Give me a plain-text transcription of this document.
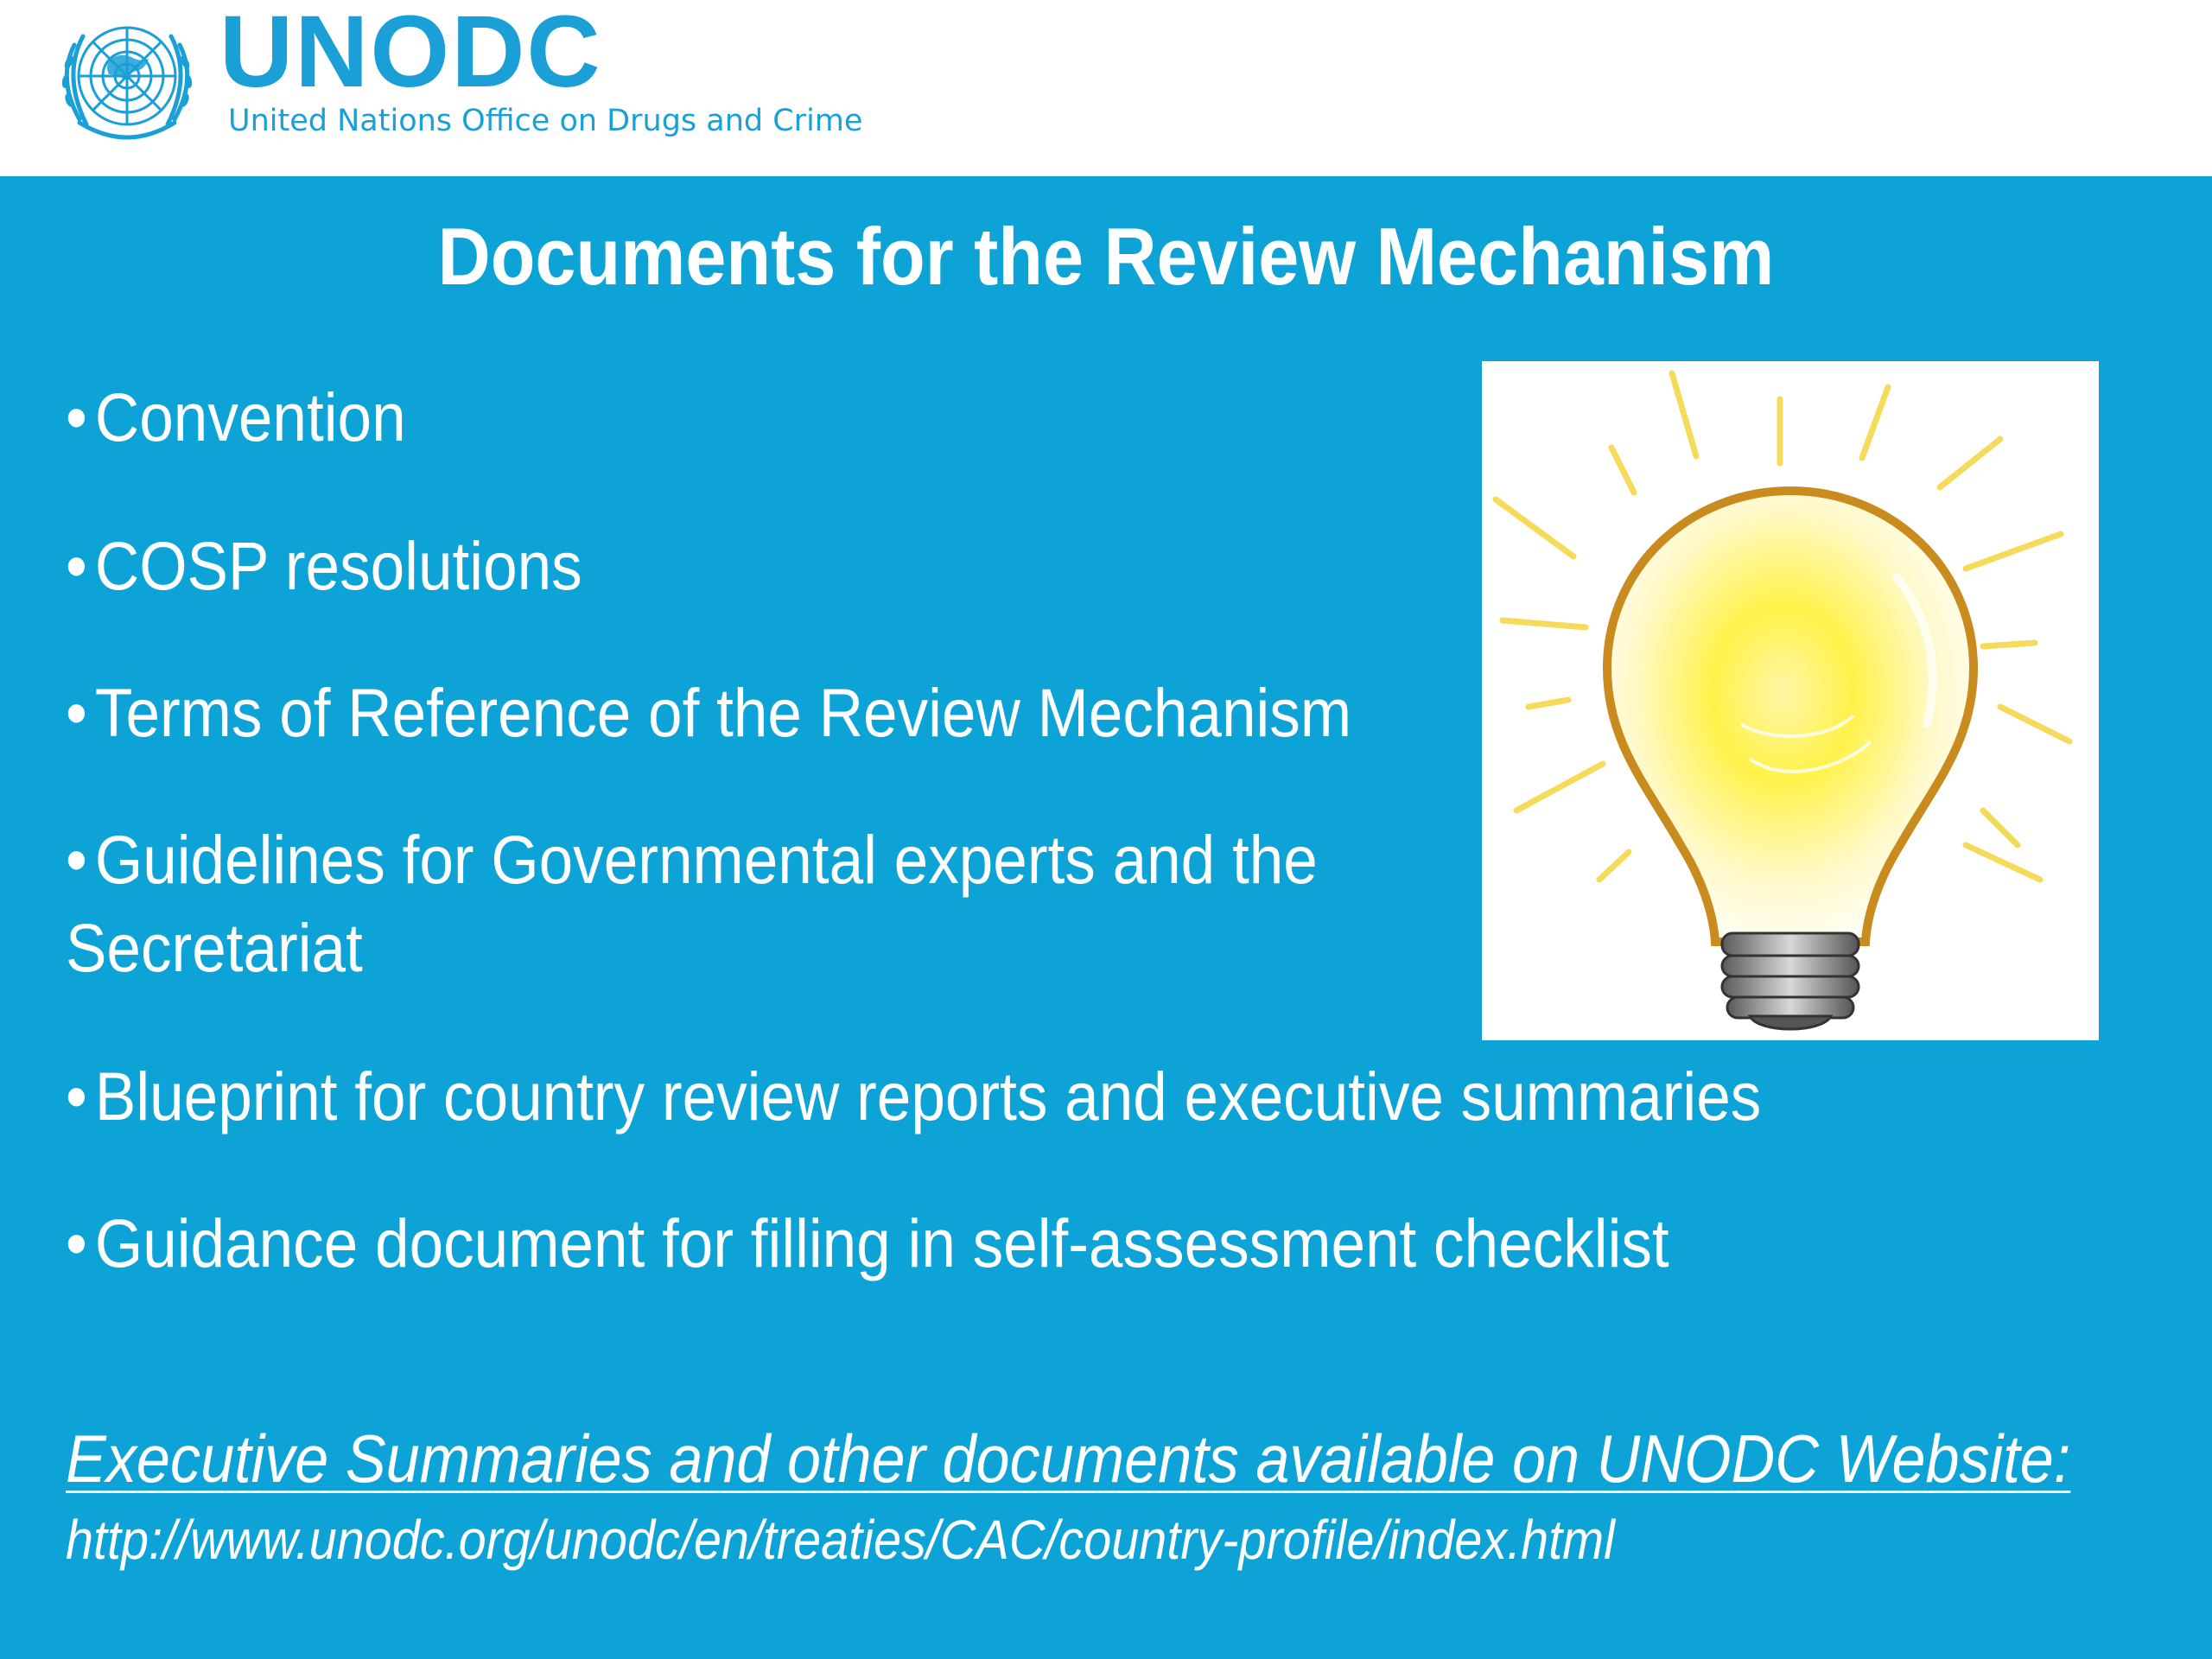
UNODC
United Nations Office on Drugs and Crime
Documents for the Review Mechanism
• Convention
• COSP resolutions
• Terms of Reference of the Review Mechanism
• Guidelines for Governmental experts and the
Secretariat
• Blueprint for country review reports and executive summaries
• Guidance document for filling in self-assessment checklist
Executive Summaries and other documents available on UNODC Website:
http://www.unodc.org/unodc/en/treaties/CAC/country-profile/index.html
